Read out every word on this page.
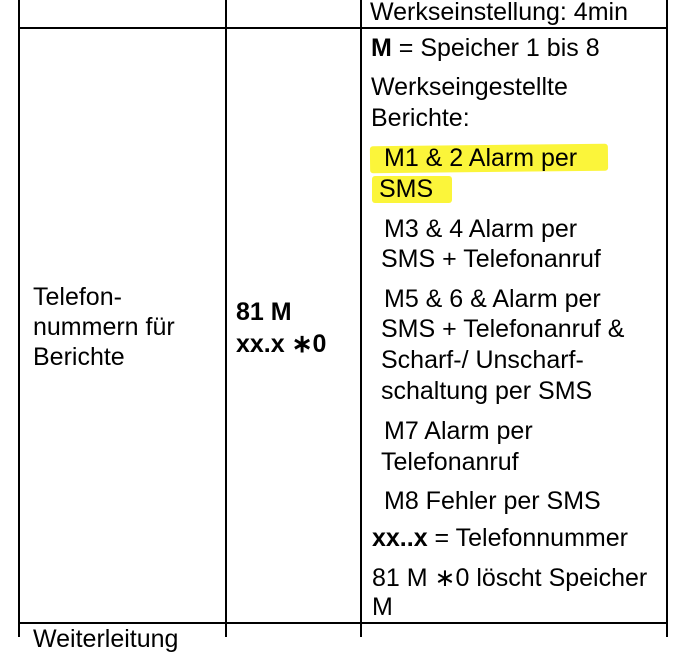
Werkseinstellung: 4min
Telefon-
nummern für
Berichte
81 M
xx.x ∗0
M = Speicher 1 bis 8
Werkseingestellte
Berichte:
M1 & 2 Alarm per
SMS
M3 & 4 Alarm per
SMS + Telefonanruf
M5 & 6 & Alarm per
SMS + Telefonanruf &
Scharf-/ Unscharf-
schaltung per SMS
M7 Alarm per
Telefonanruf
M8 Fehler per SMS
xx..x = Telefonnummer
81 M ∗0 löscht Speicher
M
Weiterleitung
